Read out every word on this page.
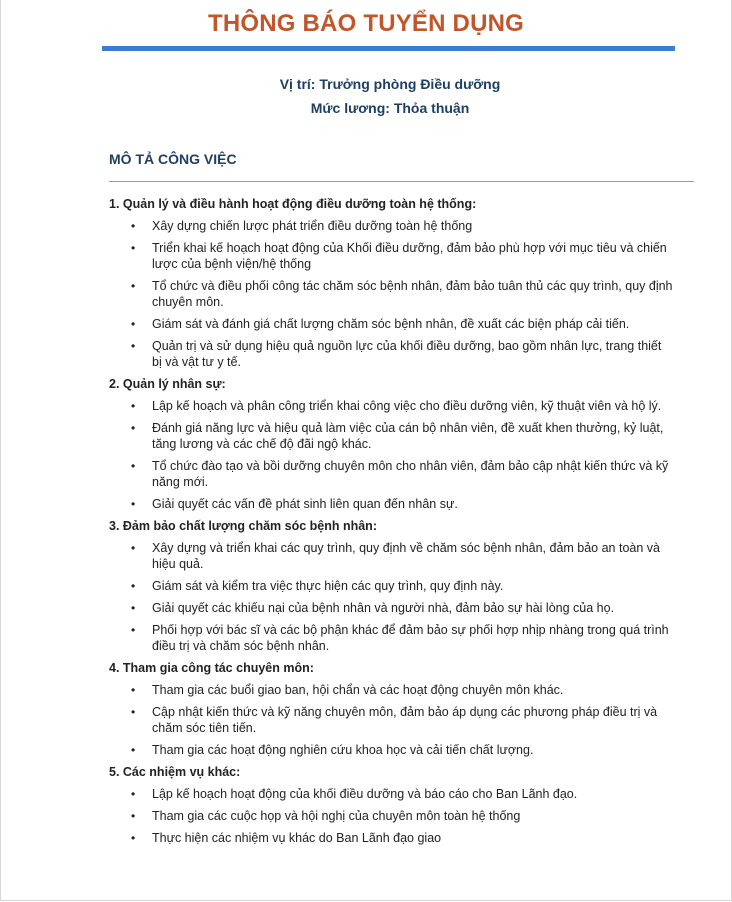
THÔNG BÁO TUYỂN DỤNG
Vị trí: Trưởng phòng Điều dưỡng
Mức lương: Thỏa thuận
MÔ TẢ CÔNG VIỆC
1. Quản lý và điều hành hoạt động điều dưỡng toàn hệ thống:
• Xây dựng chiến lược phát triển điều dưỡng toàn hệ thống
• Triển khai kế hoạch hoạt động của Khối điều dưỡng, đảm bảo phù hợp với mục tiêu và chiến lược của bệnh viện/hệ thống
• Tổ chức và điều phối công tác chăm sóc bệnh nhân, đảm bảo tuân thủ các quy trình, quy định chuyên môn.
• Giám sát và đánh giá chất lượng chăm sóc bệnh nhân, đề xuất các biện pháp cải tiến.
• Quản trị và sử dụng hiệu quả nguồn lực của khối điều dưỡng, bao gồm nhân lực, trang thiết bị và vật tư y tế.
2. Quản lý nhân sự:
• Lập kế hoạch và phân công triển khai công việc cho điều dưỡng viên, kỹ thuật viên và hộ lý.
• Đánh giá năng lực và hiệu quả làm việc của cán bộ nhân viên, đề xuất khen thưởng, kỷ luật, tăng lương và các chế độ đãi ngộ khác.
• Tổ chức đào tạo và bồi dưỡng chuyên môn cho nhân viên, đảm bảo cập nhật kiến thức và kỹ năng mới.
• Giải quyết các vấn đề phát sinh liên quan đến nhân sự.
3. Đảm bảo chất lượng chăm sóc bệnh nhân:
• Xây dựng và triển khai các quy trình, quy định về chăm sóc bệnh nhân, đảm bảo an toàn và hiệu quả.
• Giám sát và kiểm tra việc thực hiện các quy trình, quy định này.
• Giải quyết các khiếu nại của bệnh nhân và người nhà, đảm bảo sự hài lòng của họ.
• Phối hợp với bác sĩ và các bộ phận khác để đảm bảo sự phối hợp nhịp nhàng trong quá trình điều trị và chăm sóc bệnh nhân.
4. Tham gia công tác chuyên môn:
• Tham gia các buổi giao ban, hội chẩn và các hoạt động chuyên môn khác.
• Cập nhật kiến thức và kỹ năng chuyên môn, đảm bảo áp dụng các phương pháp điều trị và chăm sóc tiên tiến.
• Tham gia các hoạt động nghiên cứu khoa học và cải tiến chất lượng.
5. Các nhiệm vụ khác:
• Lập kế hoạch hoạt động của khối điều dưỡng và báo cáo cho Ban Lãnh đạo.
• Tham gia các cuộc họp và hội nghị của chuyên môn toàn hệ thống
• Thực hiện các nhiệm vụ khác do Ban Lãnh đạo giao
